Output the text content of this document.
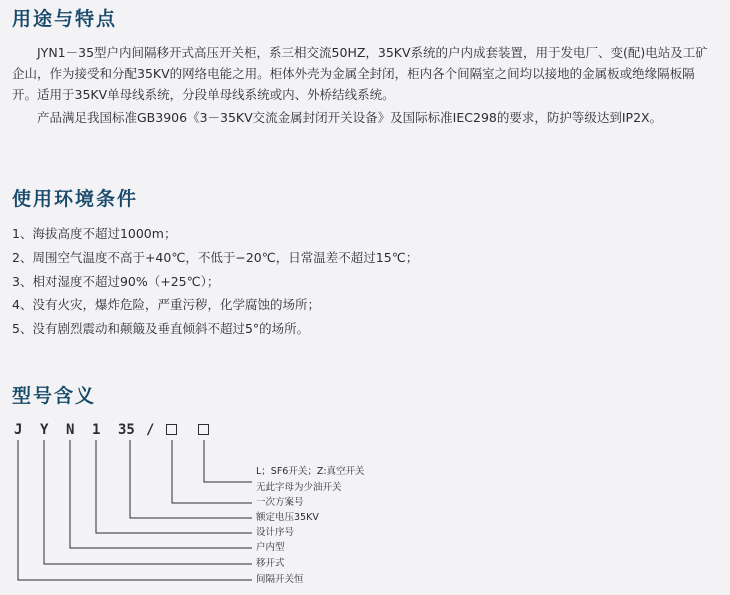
用途与特点

JYN1－35型户内间隔移开式高压开关柜，系三相交流50HZ，35KV系统的户内成套装置，用于发电厂、变(配)电站及工矿企山，作为接受和分配35KV的网络电能之用。柜体外壳为金属全封闭，柜内各个间隔室之间均以接地的金属板或绝缘隔板隔开。适用于35KV单母线系统，分段单母线系统或内、外桥结线系统。

产品满足我国标准GB3906《3－35KV交流金属封闭开关设备》及国际标准IEC298的要求，防护等级达到IP2X。

使用环境条件

1、海拔高度不超过1000m；

2、周围空气温度不高于+40℃，不低于−20℃，日常温差不超过15℃；

3、相对湿度不超过90%（+25℃）；

4、没有火灾，爆炸危险，严重污秽，化学腐蚀的场所；

5、没有剧烈震动和颠簸及垂直倾斜不超过5°的场所。

型号含义
J Y N 1 35 /
L；SF6开关；Z:真空开关
无此字母为少油开关
一次方案号
额定电压35KV
设计序号
户内型
移开式
间隔开关恒
